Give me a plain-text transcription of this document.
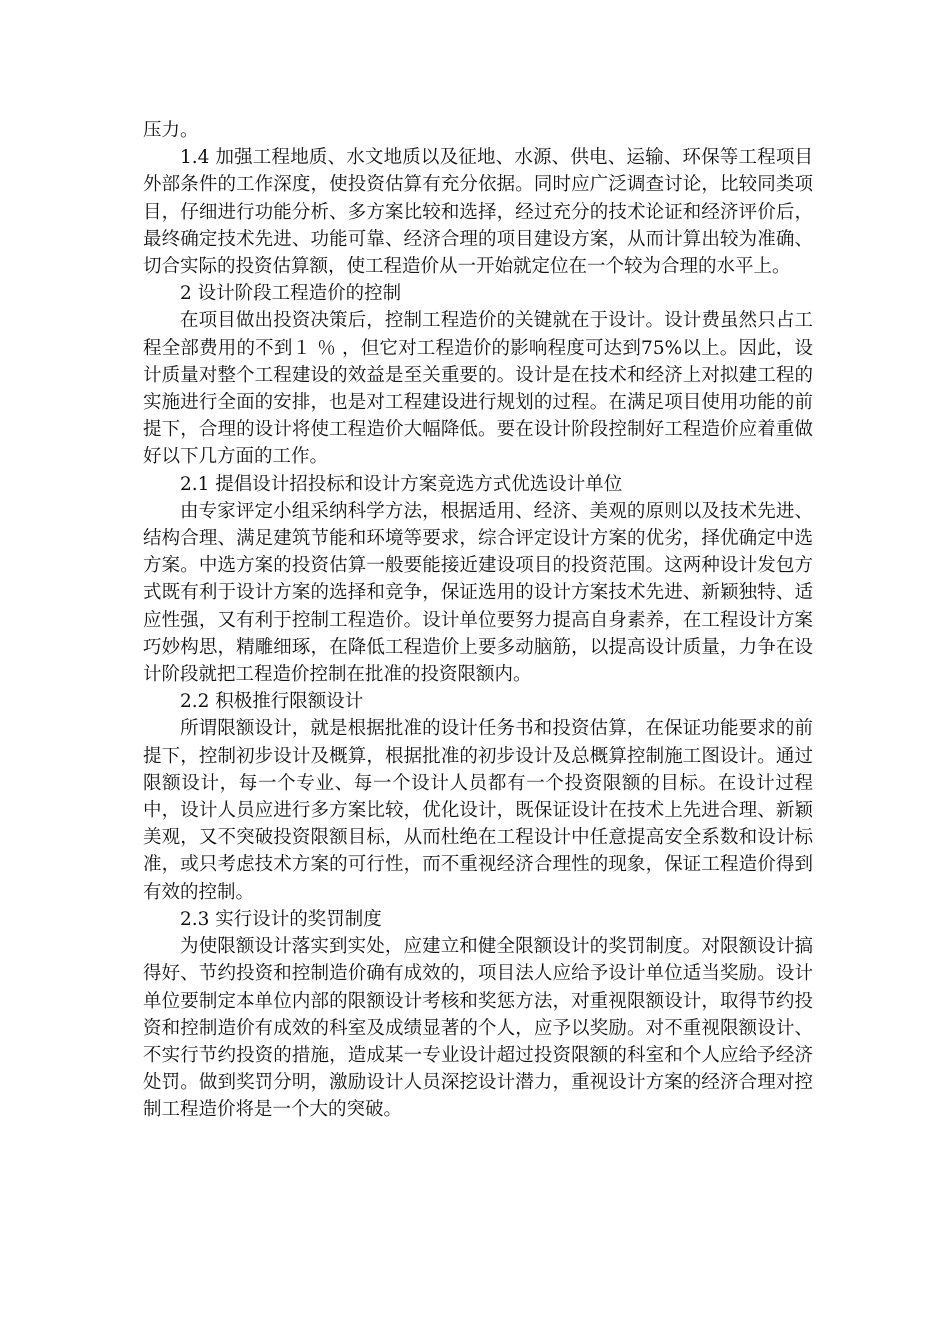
压力。

1.4 加强工程地质、水文地质以及征地、水源、供电、运输、环保等工程项目外部条件的工作深度，使投资估算有充分依据。同时应广泛调查讨论，比较同类项目，仔细进行功能分析、多方案比较和选择，经过充分的技术论证和经济评价后，最终确定技术先进、功能可靠、经济合理的项目建设方案，从而计算出较为准确、切合实际的投资估算额，使工程造价从一开始就定位在一个较为合理的水平上。

2 设计阶段工程造价的控制

在项目做出投资决策后，控制工程造价的关键就在于设计。设计费虽然只占工程全部费用的不到１ ％ ，但它对工程造价的影响程度可达到75%以上。因此，设计质量对整个工程建设的效益是至关重要的。设计是在技术和经济上对拟建工程的实施进行全面的安排，也是对工程建设进行规划的过程。在满足项目使用功能的前提下，合理的设计将使工程造价大幅降低。要在设计阶段控制好工程造价应着重做好以下几方面的工作。

2.1 提倡设计招投标和设计方案竞选方式优选设计单位

由专家评定小组采纳科学方法，根据适用、经济、美观的原则以及技术先进、结构合理、满足建筑节能和环境等要求，综合评定设计方案的优劣，择优确定中选方案。中选方案的投资估算一般要能接近建设项目的投资范围。这两种设计发包方式既有利于设计方案的选择和竞争，保证选用的设计方案技术先进、新颖独特、适应性强，又有利于控制工程造价。设计单位要努力提高自身素养，在工程设计方案巧妙构思，精雕细琢，在降低工程造价上要多动脑筋，以提高设计质量，力争在设计阶段就把工程造价控制在批准的投资限额内。

2.2 积极推行限额设计

所谓限额设计，就是根据批准的设计任务书和投资估算，在保证功能要求的前提下，控制初步设计及概算，根据批准的初步设计及总概算控制施工图设计。通过限额设计，每一个专业、每一个设计人员都有一个投资限额的目标。在设计过程中，设计人员应进行多方案比较，优化设计，既保证设计在技术上先进合理、新颖美观，又不突破投资限额目标，从而杜绝在工程设计中任意提高安全系数和设计标准，或只考虑技术方案的可行性，而不重视经济合理性的现象，保证工程造价得到有效的控制。

2.3 实行设计的奖罚制度

为使限额设计落实到实处，应建立和健全限额设计的奖罚制度。对限额设计搞得好、节约投资和控制造价确有成效的，项目法人应给予设计单位适当奖励。设计单位要制定本单位内部的限额设计考核和奖惩方法，对重视限额设计，取得节约投资和控制造价有成效的科室及成绩显著的个人，应予以奖励。对不重视限额设计、不实行节约投资的措施，造成某一专业设计超过投资限额的科室和个人应给予经济处罚。做到奖罚分明，激励设计人员深挖设计潜力，重视设计方案的经济合理对控制工程造价将是一个大的突破。
